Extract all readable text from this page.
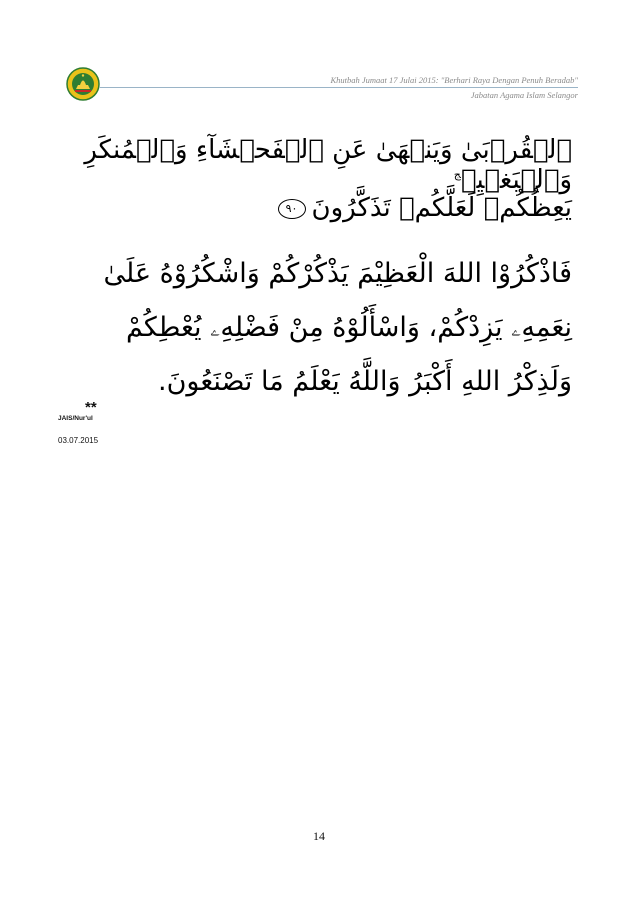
Khutbah Jumaat 17 Julai 2015: "Berhari Raya Dengan Penuh Beradab"
Jabatan Agama Islam Selangor
ٱلۡقُرۡبَىٰ وَيَنۡهَىٰ عَنِ ٱلۡفَحۡشَآءِ وَٱلۡمُنكَرِ وَٱلۡبَغۡيِۚ$^ج$
يَعِظُكُمۡ لَعَلَّكُمۡ تَذَكَّرُونَ٩٠
فَاذْكُرُوْا اللهَ الْعَظِيْمَ يَذْكُرْكُمْ وَاشْكُرُوْهُ عَلَىٰ
نِعَمِهِۦ يَزِدْكُمْ، وَاسْأَلُوْهُ مِنْ فَضْلِهِۦ يُعْطِكُمْ
وَلَذِكْرُ اللهِ أَكْبَرُ وَاللَّهُ يَعْلَمُ مَا تَصْنَعُونَ.
**
JAIS/Nur'ul
03.07.2015
14
